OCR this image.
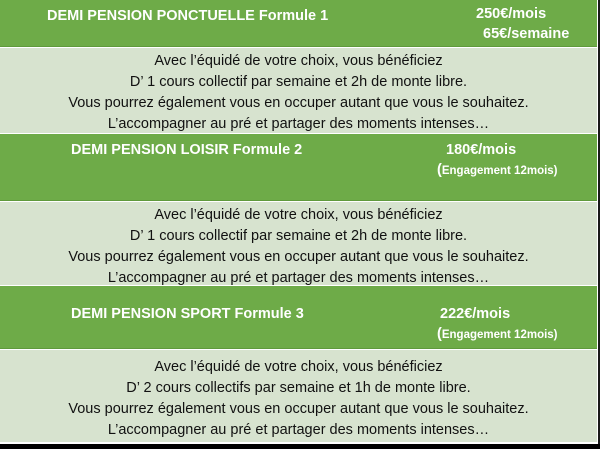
DEMI PENSION PONCTUELLE Formule 1	250€/mois
65€/semaine
Avec l’équidé de votre choix, vous bénéficiez
D’ 1 cours collectif par semaine et 2h de monte libre.
Vous pourrez également vous en occuper autant que vous le souhaitez.
L’accompagner au pré et partager des moments intenses…
DEMI PENSION LOISIR Formule 2	180€/mois
(Engagement 12mois)
Avec l’équidé de votre choix, vous bénéficiez
D’ 1 cours collectif par semaine et 2h de monte libre.
Vous pourrez également vous en occuper autant que vous le souhaitez.
L’accompagner au pré et partager des moments intenses…
DEMI PENSION SPORT Formule 3	222€/mois
(Engagement 12mois)
Avec l’équidé de votre choix, vous bénéficiez
D’ 2 cours collectifs par semaine et 1h de monte libre.
Vous pourrez également vous en occuper autant que vous le souhaitez.
L’accompagner au pré et partager des moments intenses…
